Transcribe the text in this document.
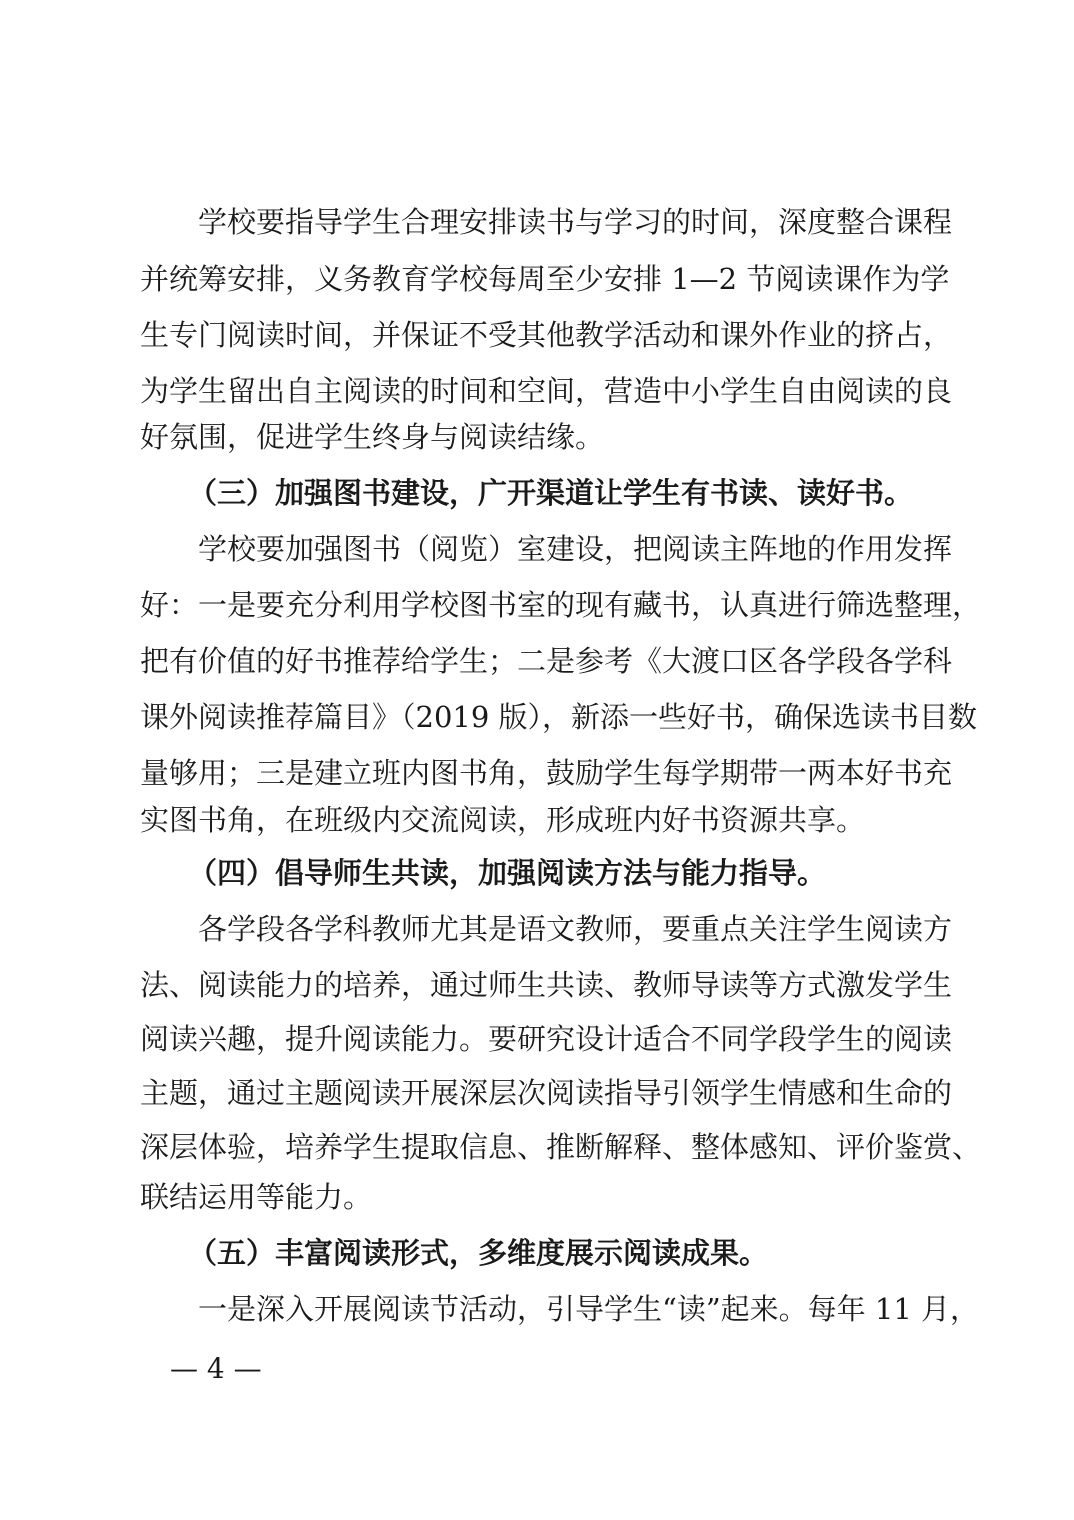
学校要指导学生合理安排读书与学习的时间，深度整合课程
并统筹安排，义务教育学校每周至少安排 1—2 节阅读课作为学
生专门阅读时间，并保证不受其他教学活动和课外作业的挤占，
为学生留出自主阅读的时间和空间，营造中小学生自由阅读的良
好氛围，促进学生终身与阅读结缘。
（三）加强图书建设，广开渠道让学生有书读、读好书。
学校要加强图书（阅览）室建设，把阅读主阵地的作用发挥
好：一是要充分利用学校图书室的现有藏书，认真进行筛选整理，
把有价值的好书推荐给学生；二是参考《大渡口区各学段各学科
课外阅读推荐篇目》（2019 版），新添一些好书，确保选读书目数
量够用；三是建立班内图书角，鼓励学生每学期带一两本好书充
实图书角，在班级内交流阅读，形成班内好书资源共享。
（四）倡导师生共读，加强阅读方法与能力指导。
各学段各学科教师尤其是语文教师，要重点关注学生阅读方
法、阅读能力的培养，通过师生共读、教师导读等方式激发学生
阅读兴趣，提升阅读能力。要研究设计适合不同学段学生的阅读
主题，通过主题阅读开展深层次阅读指导引领学生情感和生命的
深层体验，培养学生提取信息、推断解释、整体感知、评价鉴赏、
联结运用等能力。
（五）丰富阅读形式，多维度展示阅读成果。
一是深入开展阅读节活动，引导学生“读”起来。每年 11 月，
— 4 —
